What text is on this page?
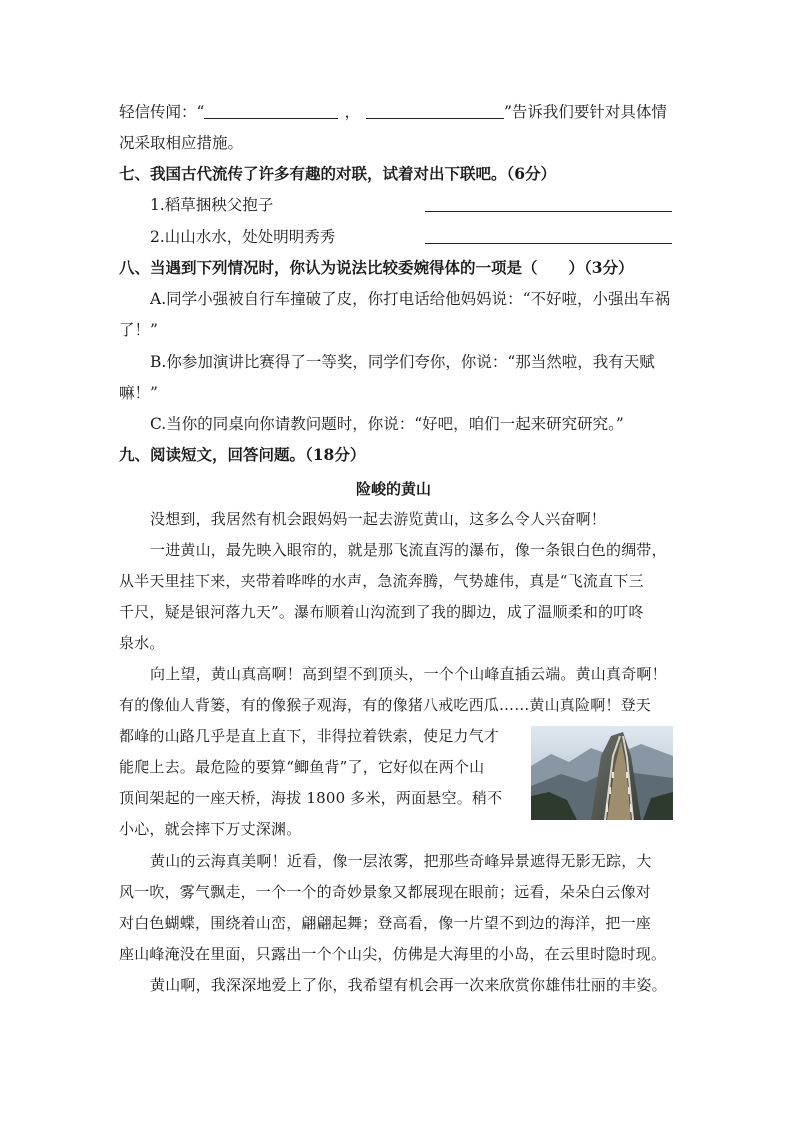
轻信传闻：“	，	”告诉我们要针对具体情
况采取相应措施。
七、我国古代流传了许多有趣的对联，试着对出下联吧。（6分）
1.稻草捆秧父抱子
2.山山水水，处处明明秀秀
八、当遇到下列情况时，你认为说法比较委婉得体的一项是（　　）（3分）
A.同学小强被自行车撞破了皮，你打电话给他妈妈说：“不好啦，小强出车祸
了！”
B.你参加演讲比赛得了一等奖，同学们夸你，你说：“那当然啦，我有天赋
嘛！”
C.当你的同桌向你请教问题时，你说：“好吧，咱们一起来研究研究。”
九、阅读短文，回答问题。（18分）
险峻的黄山
没想到，我居然有机会跟妈妈一起去游览黄山，这多么令人兴奋啊！
一进黄山，最先映入眼帘的，就是那飞流直泻的瀑布，像一条银白色的绸带，
从半天里挂下来，夹带着哗哗的水声，急流奔腾，气势雄伟，真是“飞流直下三
千尺，疑是银河落九天”。瀑布顺着山沟流到了我的脚边，成了温顺柔和的叮咚
泉水。
向上望，黄山真高啊！高到望不到顶头，一个个山峰直插云端。黄山真奇啊！
有的像仙人背篓，有的像猴子观海，有的像猪八戒吃西瓜……黄山真险啊！登天
都峰的山路几乎是直上直下，非得拉着铁索，使足力气才
能爬上去。最危险的要算“鲫鱼背”了，它好似在两个山
顶间架起的一座天桥，海拔 1800 多米，两面悬空。稍不
小心，就会摔下万丈深渊。
黄山的云海真美啊！近看，像一层浓雾，把那些奇峰异景遮得无影无踪，大
风一吹，雾气飘走，一个一个的奇妙景象又都展现在眼前；远看，朵朵白云像对
对白色蝴蝶，围绕着山峦，翩翩起舞；登高看，像一片望不到边的海洋，把一座
座山峰淹没在里面，只露出一个个山尖，仿佛是大海里的小岛，在云里时隐时现。
黄山啊，我深深地爱上了你，我希望有机会再一次来欣赏你雄伟壮丽的丰姿。
